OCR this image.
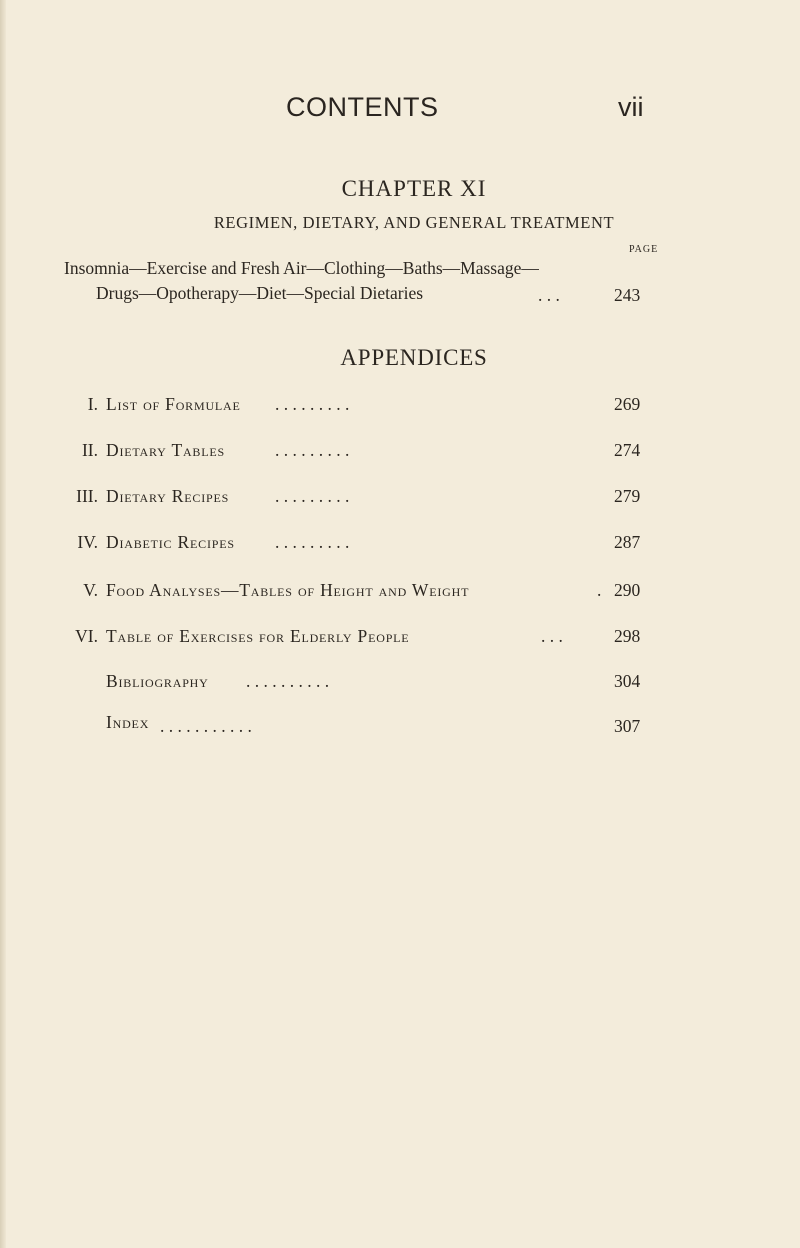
CONTENTS	vii
CHAPTER XI
REGIMEN, DIETARY, AND GENERAL TREATMENT
PAGE
Insomnia—Exercise and Fresh Air—Clothing—Baths—Massage—
Drugs—Opotherapy—Diet—Special Dietaries	. . .	243
APPENDICES
I. List of Formulae . . . . . . . . .	269
II. Dietary Tables	. . . . . . . . .	274
III. Dietary Recipes	. . . . . . . . .	279
IV. Diabetic Recipes . . . . . . . . .	287
V. Food Analyses—Tables of Height and Weight	. 290
VI. Table of Exercises for Elderly People	. . .	298
Bibliography . . . . . . . . . .	304
Index . . . . . . . . . . .	307
